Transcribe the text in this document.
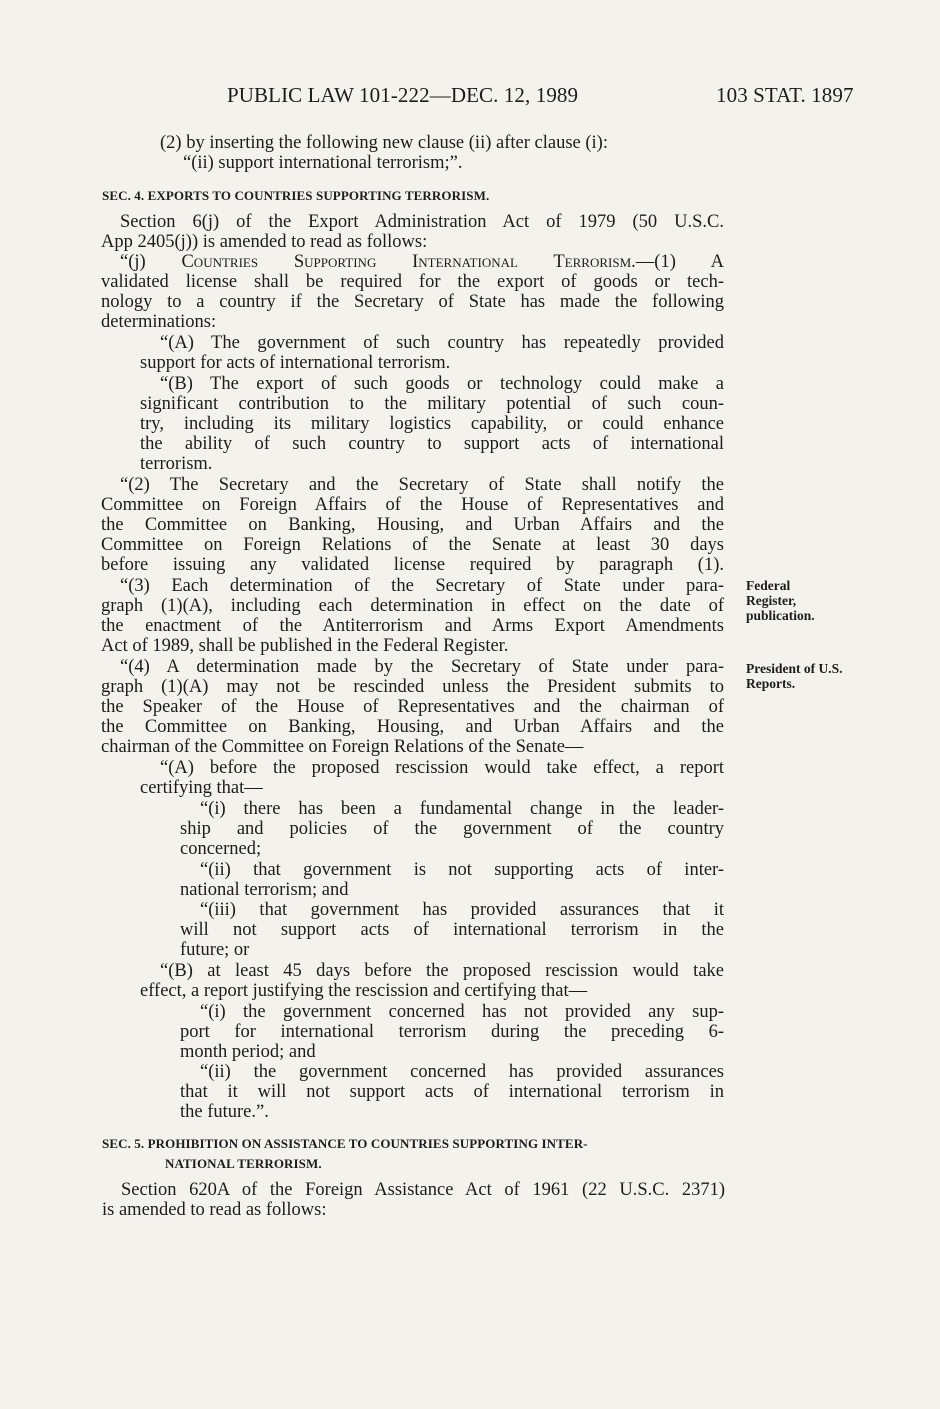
PUBLIC LAW 101-222—DEC. 12, 1989	103 STAT. 1897
(2) by inserting the following new clause (ii) after clause (i):
“(ii) support international terrorism;”.
SEC. 4. EXPORTS TO COUNTRIES SUPPORTING TERRORISM.
Section 6(j) of the Export Administration Act of 1979 (50 U.S.C.
App 2405(j)) is amended to read as follows:
“(j) Countries Supporting International Terrorism.—(1) A
validated license shall be required for the export of goods or tech-
nology to a country if the Secretary of State has made the following
determinations:
“(A) The government of such country has repeatedly provided
support for acts of international terrorism.
“(B) The export of such goods or technology could make a
significant contribution to the military potential of such coun-
try, including its military logistics capability, or could enhance
the ability of such country to support acts of international
terrorism.
“(2) The Secretary and the Secretary of State shall notify the
Committee on Foreign Affairs of the House of Representatives and
the Committee on Banking, Housing, and Urban Affairs and the
Committee on Foreign Relations of the Senate at least 30 days
before issuing any validated license required by paragraph (1).
“(3) Each determination of the Secretary of State under para-
graph (1)(A), including each determination in effect on the date of
the enactment of the Antiterrorism and Arms Export Amendments
Act of 1989, shall be published in the Federal Register.
“(4) A determination made by the Secretary of State under para-
graph (1)(A) may not be rescinded unless the President submits to
the Speaker of the House of Representatives and the chairman of
the Committee on Banking, Housing, and Urban Affairs and the
chairman of the Committee on Foreign Relations of the Senate—
“(A) before the proposed rescission would take effect, a report
certifying that—
“(i) there has been a fundamental change in the leader-
ship and policies of the government of the country
concerned;
“(ii) that government is not supporting acts of inter-
national terrorism; and
“(iii) that government has provided assurances that it
will not support acts of international terrorism in the
future; or
“(B) at least 45 days before the proposed rescission would take
effect, a report justifying the rescission and certifying that—
“(i) the government concerned has not provided any sup-
port for international terrorism during the preceding 6-
month period; and
“(ii) the government concerned has provided assurances
that it will not support acts of international terrorism in
the future.”.
SEC. 5. PROHIBITION ON ASSISTANCE TO COUNTRIES SUPPORTING INTER-
NATIONAL TERRORISM.
Section 620A of the Foreign Assistance Act of 1961 (22 U.S.C. 2371)
is amended to read as follows:
Federal Register, publication.
President of U.S. Reports.
